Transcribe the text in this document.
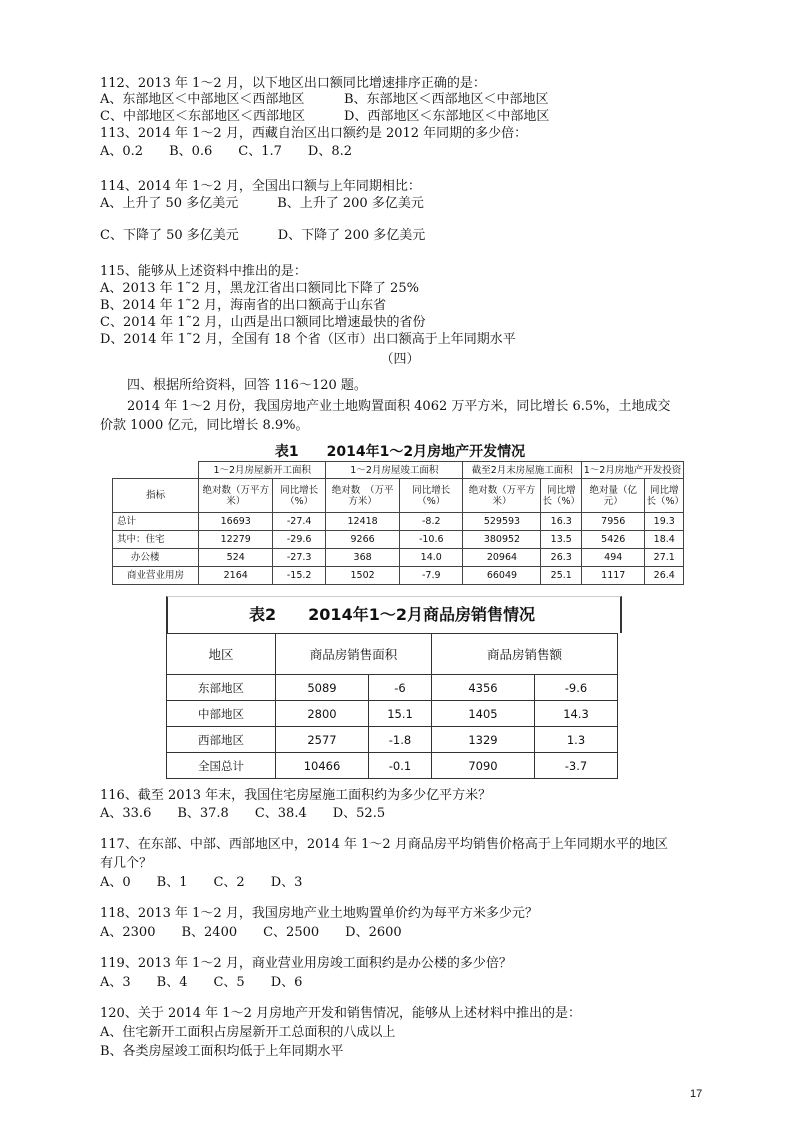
112、2013 年 1～2 月，以下地区出口额同比增速排序正确的是：
A、东部地区＜中部地区＜西部地区	B、东部地区＜西部地区＜中部地区
C、中部地区＜东部地区＜西部地区	D、西部地区＜东部地区＜中部地区
113、2014 年 1～2 月，西藏自治区出口额约是 2012 年同期的多少倍：
A、0.2　　B、0.6　　C、1.7　　D、8.2
114、2014 年 1～2 月，全国出口额与上年同期相比：
A、上升了 50 多亿美元　　　B、上升了 200 多亿美元
C、下降了 50 多亿美元　　　D、下降了 200 多亿美元
115、能够从上述资料中推出的是：
A、2013 年 1˜2 月，黑龙江省出口额同比下降了 25%
B、2014 年 1˜2 月，海南省的出口额高于山东省
C、2014 年 1˜2 月，山西是出口额同比增速最快的省份
D、2014 年 1˜2 月，全国有 18 个省（区市）出口额高于上年同期水平
（四）
四、根据所给资料，回答 116～120 题。
2014 年 1～2 月份，我国房地产业土地购置面积 4062 万平方米，同比增长 6.5%，土地成交
价款 1000 亿元，同比增长 8.9%。
表1　　2014年1～2月房地产开发情况
	1～2月房屋新开工面积		1～2月房屋竣工面积		截至2月末房屋施工面积		1～2月房地产开发投资	
指标	绝对数（万平方米）	同比增长（%）	绝对数　（万平方米）	同比增长（%）	绝对数（万平方米）	同比增长（%）	绝对量（亿元）	同比增长（%）
总计	16693	-27.4	12418	-8.2	529593	16.3	7956	19.3
其中：住宅	12279	-29.6	9266	-10.6	380952	13.5	5426	18.4
办公楼	524	-27.3	368	14.0	20964	26.3	494	27.1
商业营业用房	2164	-15.2	1502	-7.9	66049	25.1	1117	26.4
表2　　2014年1～2月商品房销售情况
地区	商品房销售面积		商品房销售额	
东部地区	5089	-6	4356	-9.6
中部地区	2800	15.1	1405	14.3
西部地区	2577	-1.8	1329	1.3
全国总计	10466	-0.1	7090	-3.7
116、截至 2013 年末，我国住宅房屋施工面积约为多少亿平方米？
A、33.6　　B、37.8　　C、38.4　　D、52.5
117、在东部、中部、西部地区中，2014 年 1～2 月商品房平均销售价格高于上年同期水平的地区
有几个？
A、0　　B、1　　C、2　　D、3
118、2013 年 1～2 月，我国房地产业土地购置单价约为每平方米多少元？
A、2300　　B、2400　　C、2500　　D、2600
119、2013 年 1～2 月，商业营业用房竣工面积约是办公楼的多少倍？
A、3　　B、4　　C、5　　D、6
120、关于 2014 年 1～2 月房地产开发和销售情况，能够从上述材料中推出的是：
A、住宅新开工面积占房屋新开工总面积的八成以上
B、各类房屋竣工面积均低于上年同期水平
17
